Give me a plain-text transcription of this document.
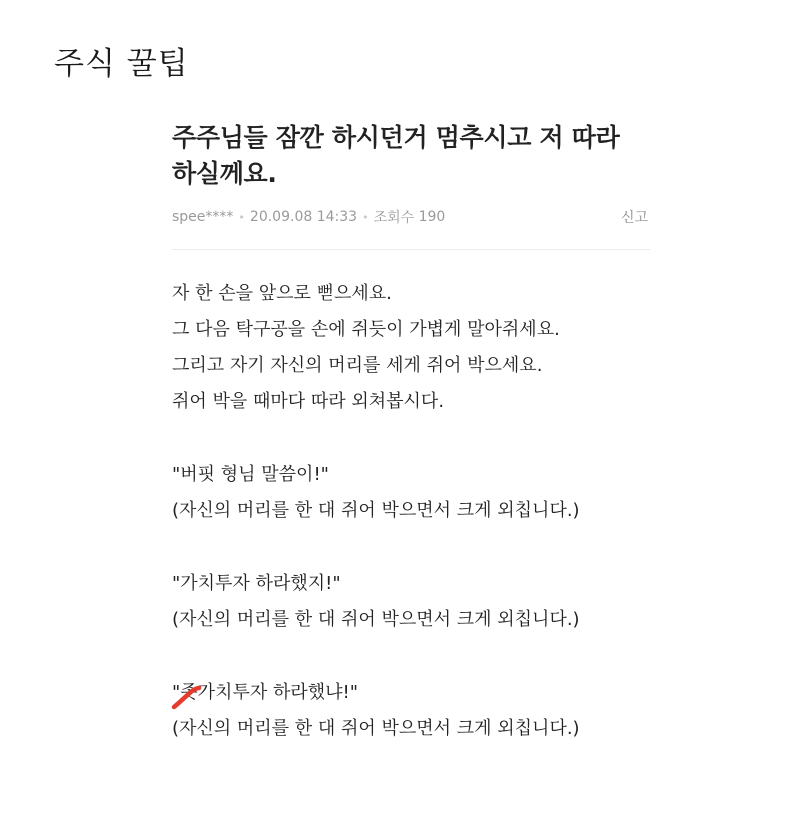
주식 꿀팁
주주님들 잠깐 하시던거 멈추시고 저 따라
하실께요.
spee**** • 20.09.08 14:33 • 조회수
190	신고

자 한 손을 앞으로 뻗으세요.

그 다음 탁구공을 손에 쥐듯이 가볍게 말아쥐세요.

그리고 자기 자신의 머리를 세게 쥐어 박으세요.

쥐어 박을 때마다 따라 외쳐봅시다.

"버핏 형님 말씀이!"

(자신의 머리를 한 대 쥐어 박으면서 크게 외칩니다.)

"가치투자 하라했지!"

(자신의 머리를 한 대 쥐어 박으면서 크게 외칩니다.)

"좃
가치투자 하라했냐!"

(자신의 머리를 한 대 쥐어 박으면서 크게 외칩니다.)
